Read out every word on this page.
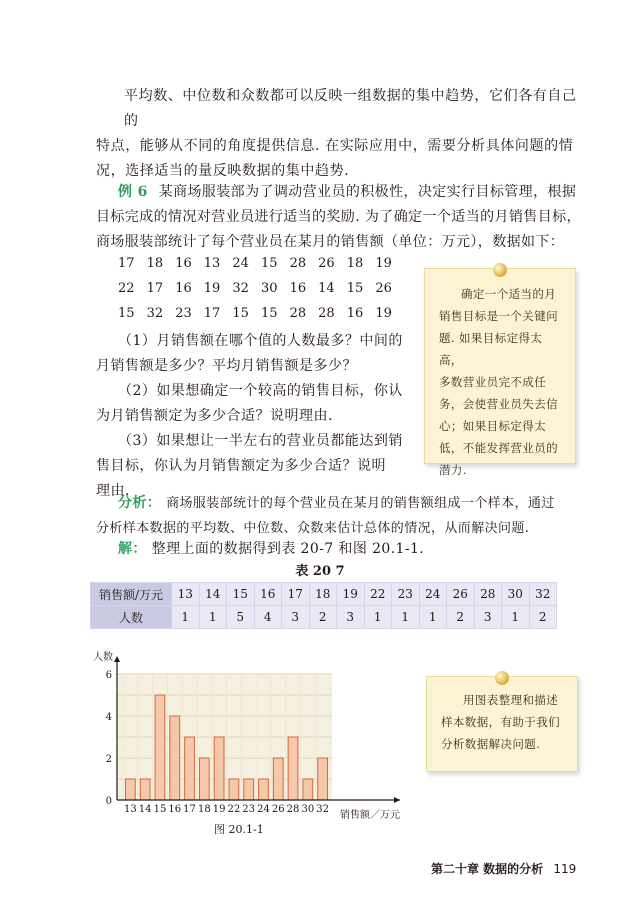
平均数、中位数和众数都可以反映一组数据的集中趋势，它们各有自己的
特点，能够从不同的角度提供信息. 在实际应用中，需要分析具体问题的情
况，选择适当的量反映数据的集中趋势.
例 6 某商场服装部为了调动营业员的积极性，决定实行目标管理，根据
目标完成的情况对营业员进行适当的奖励. 为了确定一个适当的月销售目标，
商场服装部统计了每个营业员在某月的销售额（单位：万元），数据如下：
17 18 16 13 24 15 28 26 18 19
22 17 16 19 32 30 16 14 15 26
15 32 23 17 15 15 28 28 16 19
（1）月销售额在哪个值的人数最多？中间的
月销售额是多少？平均月销售额是多少？
（2）如果想确定一个较高的销售目标，你认
为月销售额定为多少合适？说明理由.
（3）如果想让一半左右的营业员都能达到销
售目标，你认为月销售额定为多少合适？说明
理由.

确定一个适当的月

销售目标是一个关键问

题. 如果目标定得太高，

多数营业员完不成任

务，会使营业员失去信

心；如果目标定得太

低，不能发挥营业员的

潜力.

分析： 商场服装部统计的每个营业员在某月的销售额组成一个样本，通过
分析样本数据的平均数、中位数、众数来估计总体的情况，从而解决问题.
解： 整理上面的数据得到表 20-7 和图 20.1-1.
表 20 7
销售额/万元	13	14	15	16	17	18	19	22	23	24	26	28	30	32
人数	1	1	5	4	3	2	3	1	1	1	2	3	1	2
13 14 15 16 17 18 19 22 23 24 26 28 30 32
0
2
4
6
人数
销售额／万元
图 20.1-1

用图表整理和描述

样本数据，有助于我们

分析数据解决问题.

第二十章 数据的分析 119
